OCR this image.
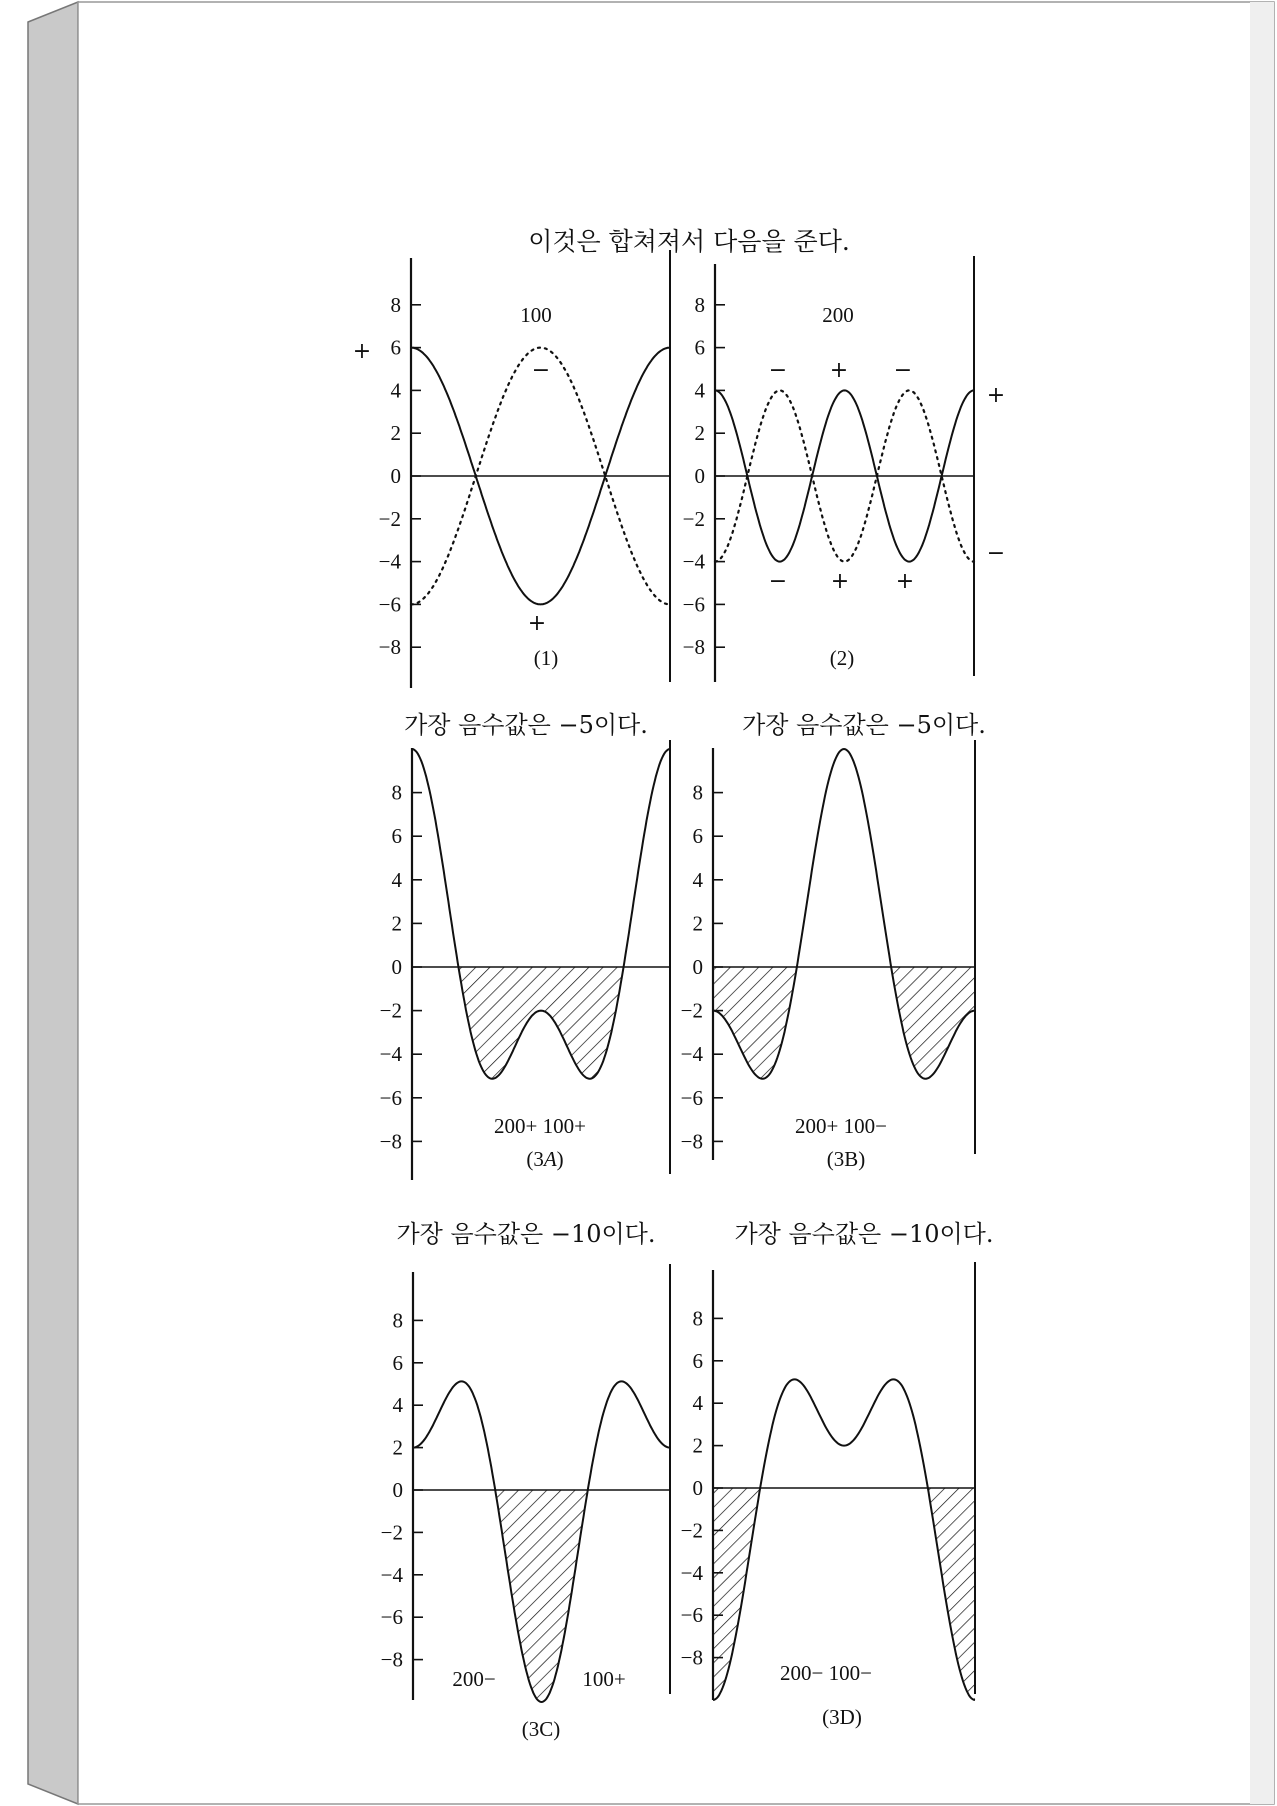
이것은 합쳐져서 다음을 준다.
8
6
4
2
0
−2
−4
−6
−8
100
(1)
+
−
+
8
6
4
2
0
−2
−4
−6
−8
200
(2)
− + −
+
− + +
−
8
6
4
2
0
−2
−4
−6
−8
가장 음수값은 −5이다.
200+ 100+
(3A)
8
6
4
2
0
−2
−4
−6
−8
가장 음수값은 −5이다.
200+ 100−
(3B)
8
6
4
2
0
−2
−4
−6
−8
가장 음수값은 −10이다.
200−	100+
(3C)
8
6
4
2
0
−2
−4
−6
−8
가장 음수값은 −10이다.
200− 100−
(3D)
